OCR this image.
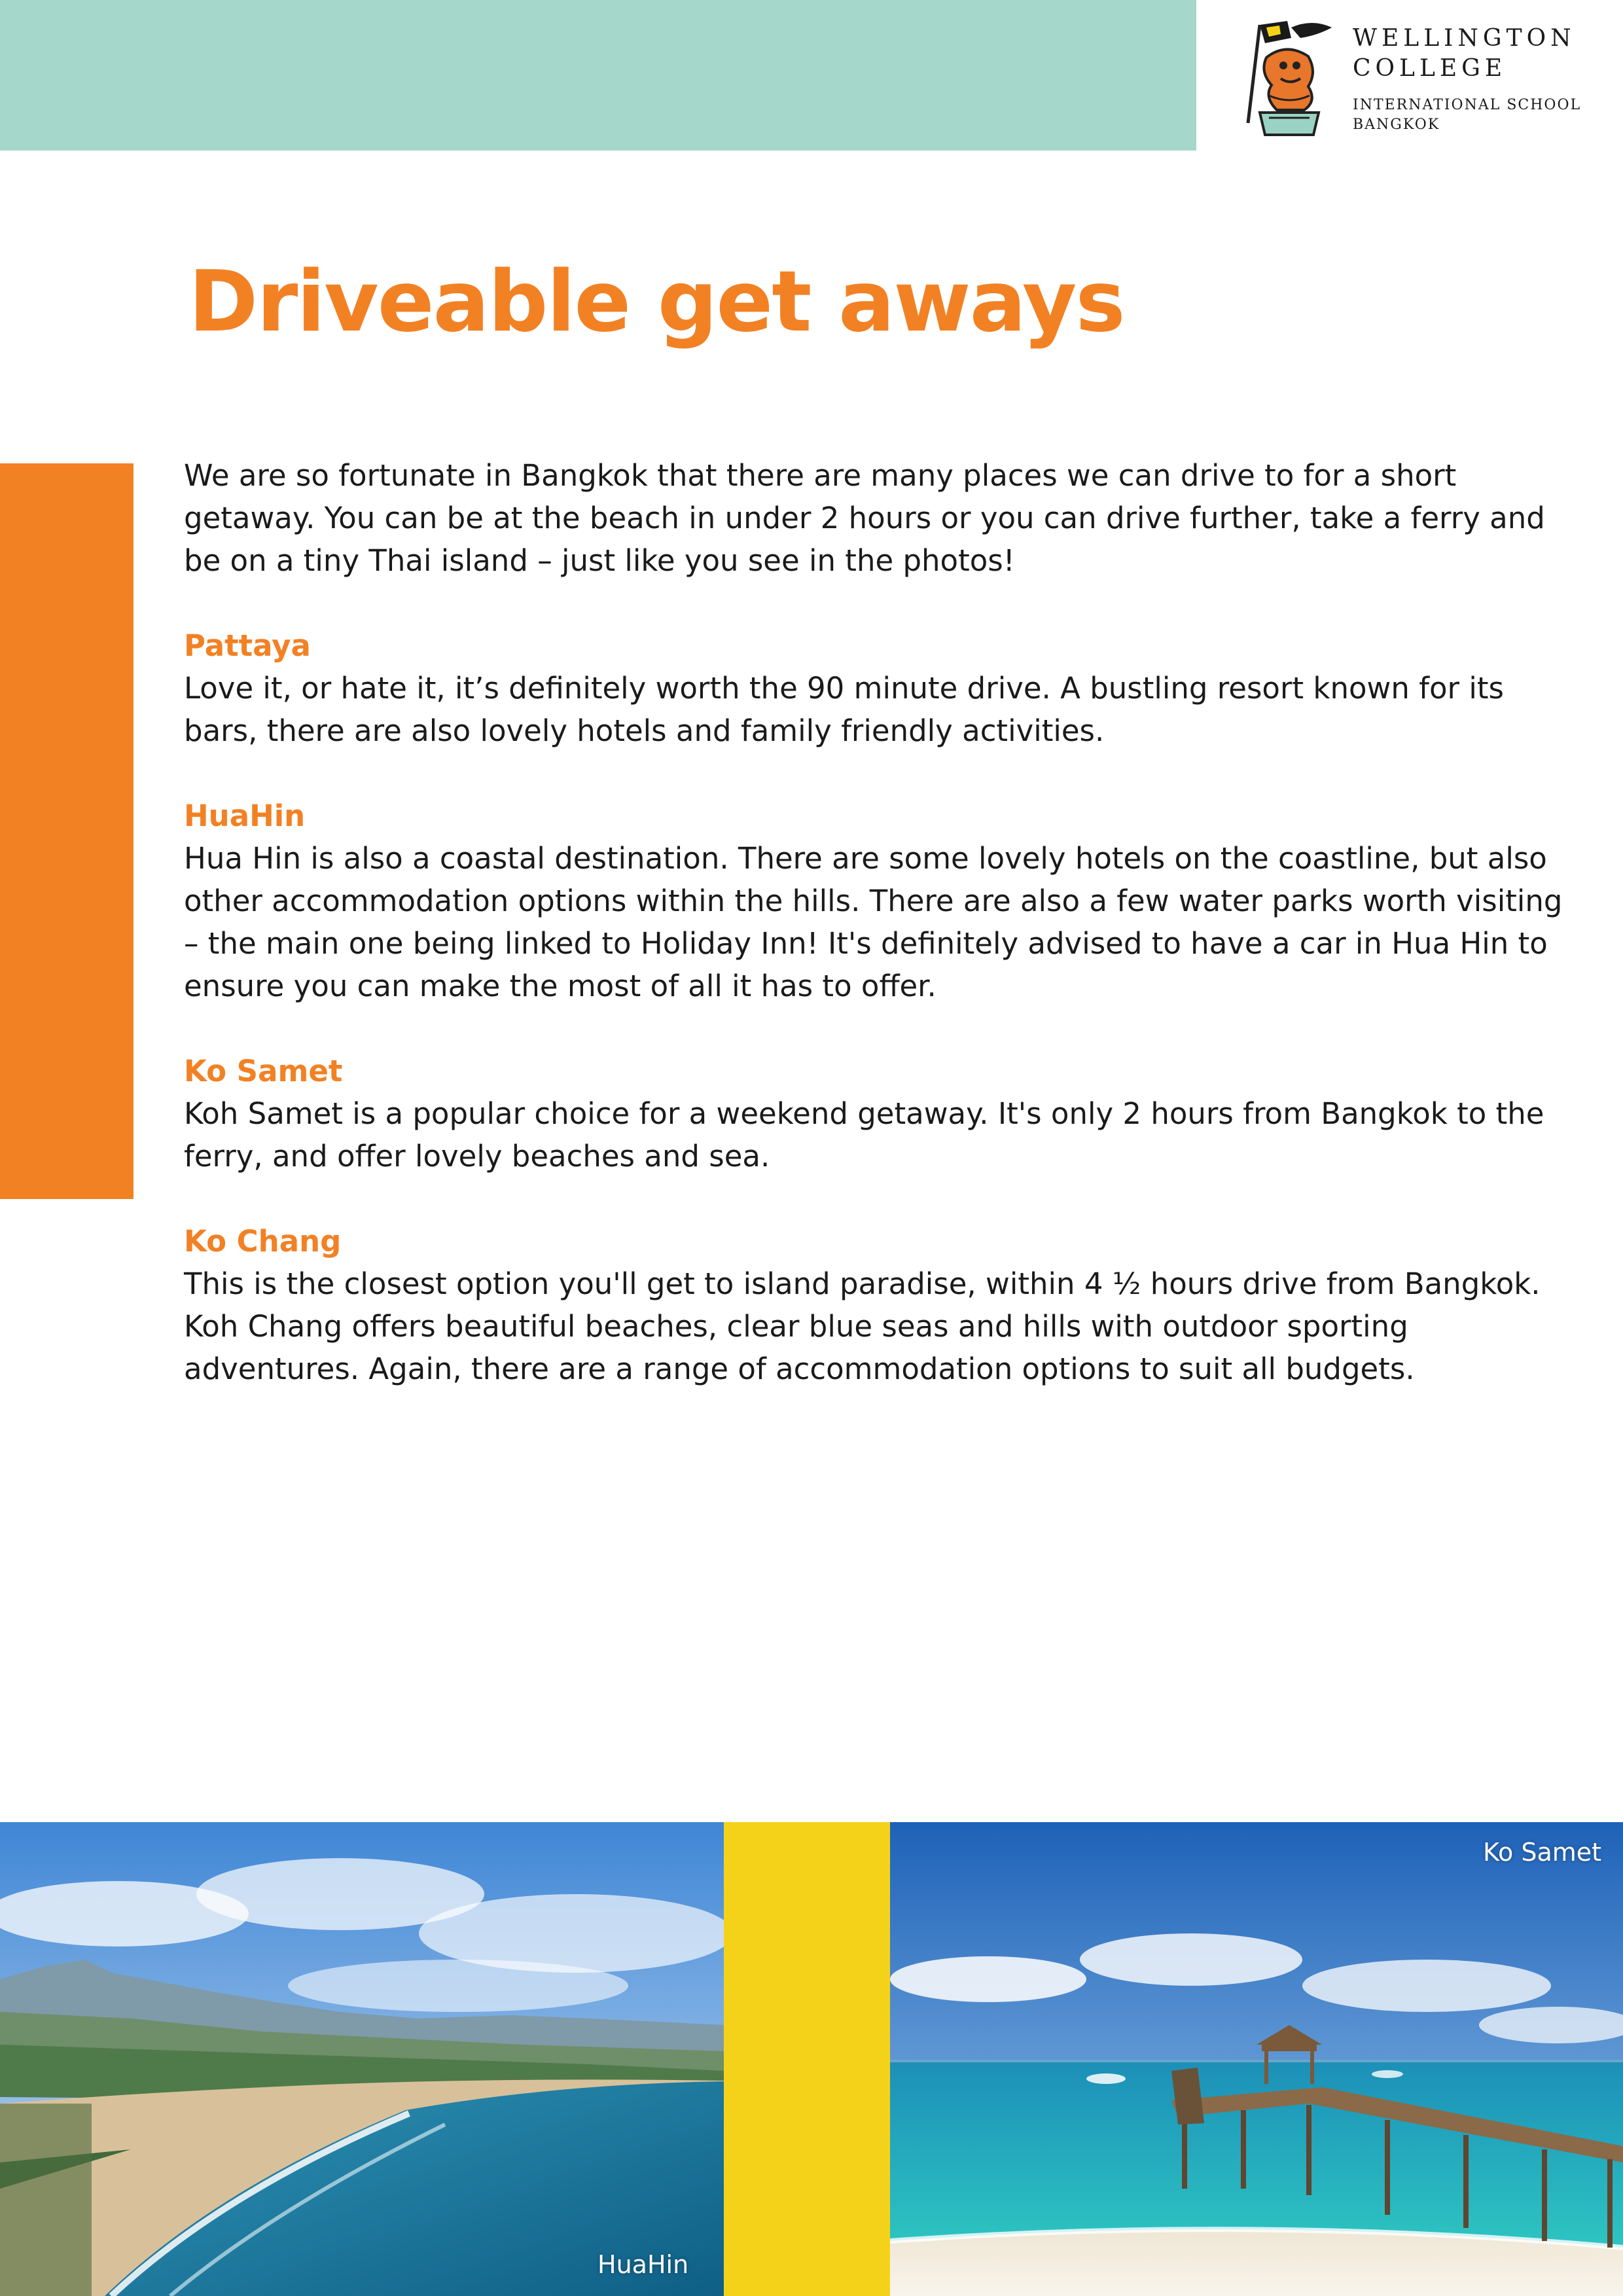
WELLINGTON
COLLEGE
INTERNATIONAL SCHOOL
BANGKOK
Driveable get aways

We are so fortunate in Bangkok that there are many places we can drive to for a short getaway. You can be at the beach in under 2 hours or you can drive further, take a ferry and be on a tiny Thai island – just like you see in the photos!

Pattaya

Love it, or hate it, it’s definitely worth the 90 minute drive. A bustling resort known for its bars, there are also lovely hotels and family friendly activities.

HuaHin

Hua Hin is also a coastal destination. There are some lovely hotels on the coastline, but also other accommodation options within the hills. There are also a few water parks worth visiting – the main one being linked to Holiday Inn! It's definitely advised to have a car in Hua Hin to ensure you can make the most of all it has to offer.

Ko Samet

Koh Samet is a popular choice for a weekend getaway. It's only 2 hours from Bangkok to the ferry, and offer lovely beaches and sea.

Ko Chang

This is the closest option you'll get to island paradise, within 4 ½ hours drive from Bangkok. Koh Chang offers beautiful beaches, clear blue seas and hills with outdoor sporting adventures. Again, there are a range of accommodation options to suit all budgets.

HuaHin
Ko Samet
